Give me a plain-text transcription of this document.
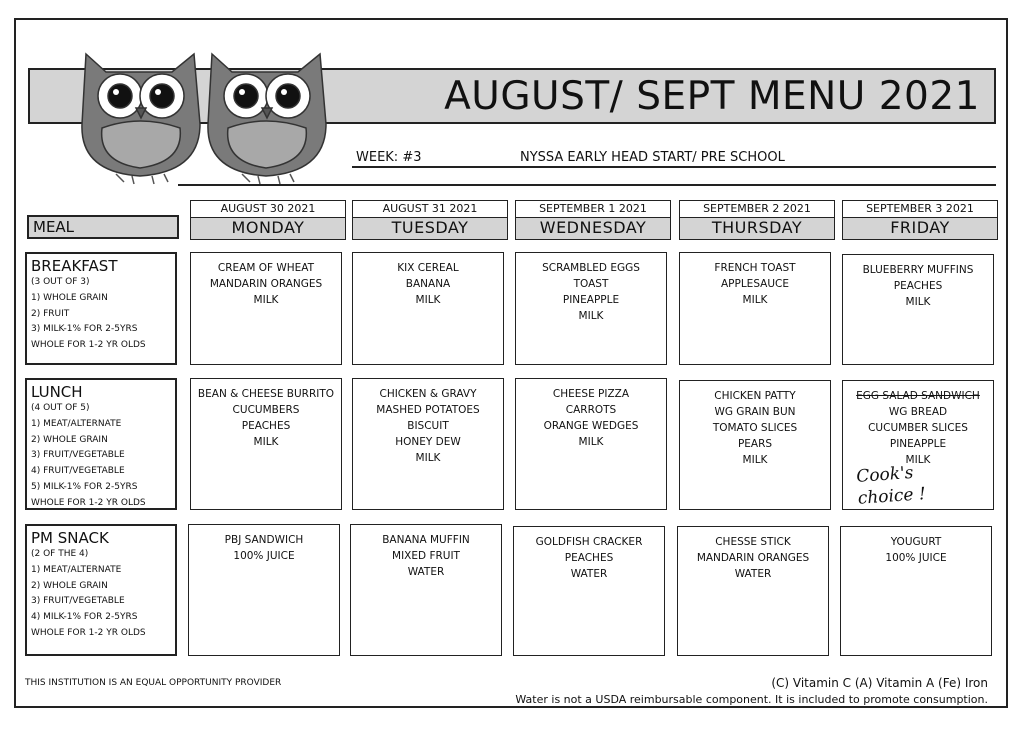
AUGUST/ SEPT MENU 2021
WEEK: #3	NYSSA EARLY HEAD START/ PRE SCHOOL
MEAL
AUGUST 30 2021
MONDAY
AUGUST 31 2021
TUESDAY
SEPTEMBER 1 2021
WEDNESDAY
SEPTEMBER 2 2021
THURSDAY
SEPTEMBER 3 2021
FRIDAY
BREAKFAST
(3 OUT OF 3)
1) WHOLE GRAIN
2) FRUIT
3) MILK-1% FOR 2-5YRS
WHOLE FOR 1-2 YR OLDS
LUNCH
(4 OUT OF 5)
1) MEAT/ALTERNATE
2) WHOLE GRAIN
3) FRUIT/VEGETABLE
4) FRUIT/VEGETABLE
5) MILK-1% FOR 2-5YRS
WHOLE FOR 1-2 YR OLDS
PM SNACK
(2 OF THE 4)
1) MEAT/ALTERNATE
2) WHOLE GRAIN
3) FRUIT/VEGETABLE
4) MILK-1% FOR 2-5YRS
WHOLE FOR 1-2 YR OLDS
CREAM OF WHEAT
MANDARIN ORANGES
MILK
KIX CEREAL
BANANA
MILK
SCRAMBLED EGGS
TOAST
PINEAPPLE
MILK
FRENCH TOAST
APPLESAUCE
MILK
BLUEBERRY MUFFINS
PEACHES
MILK
BEAN & CHEESE BURRITO
CUCUMBERS
PEACHES
MILK
CHICKEN & GRAVY
MASHED POTATOES
BISCUIT
HONEY DEW
MILK
CHEESE PIZZA
CARROTS
ORANGE WEDGES
MILK
CHICKEN PATTY
WG GRAIN BUN
TOMATO SLICES
PEARS
MILK
EGG SALAD SANDWICH
WG BREAD
CUCUMBER SLICES
PINEAPPLE
MILK
Cook's choice !
PBJ SANDWICH
100% JUICE
BANANA MUFFIN
MIXED FRUIT
WATER
GOLDFISH CRACKER
PEACHES
WATER
CHESSE STICK
MANDARIN ORANGES
WATER
YOUGURT
100% JUICE
THIS INSTITUTION IS AN EQUAL OPPORTUNITY PROVIDER	(C) Vitamin C (A) Vitamin A (Fe) Iron
Water is not a USDA reimbursable component. It is included to promote consumption.
